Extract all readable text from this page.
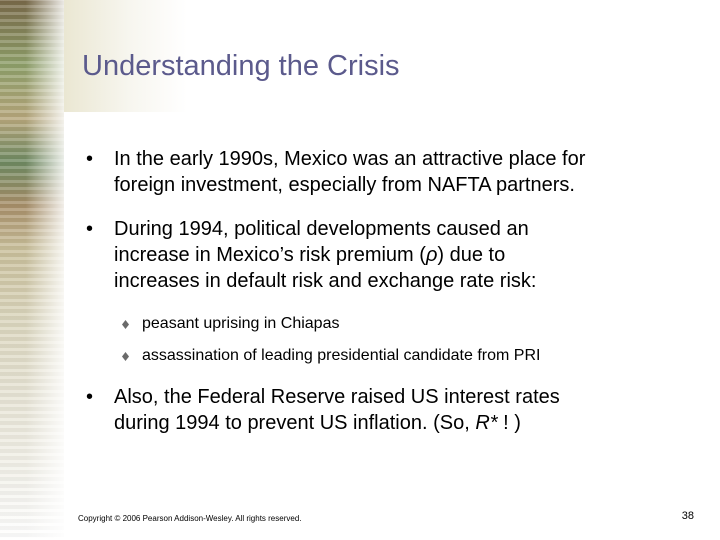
Understanding the Crisis
•	In the early 1990s, Mexico was an attractive place for
foreign investment, especially from NAFTA partners.
•	During 1994, political developments caused an
increase in Mexico’s risk premium (ρ) due to
increases in default risk and exchange rate risk:
peasant uprising in Chiapas
assassination of leading presidential candidate from PRI
•	Also, the Federal Reserve raised US interest rates
during 1994 to prevent US inflation. (So, R* ! )
Copyright © 2006 Pearson Addison-Wesley. All rights reserved.	38
